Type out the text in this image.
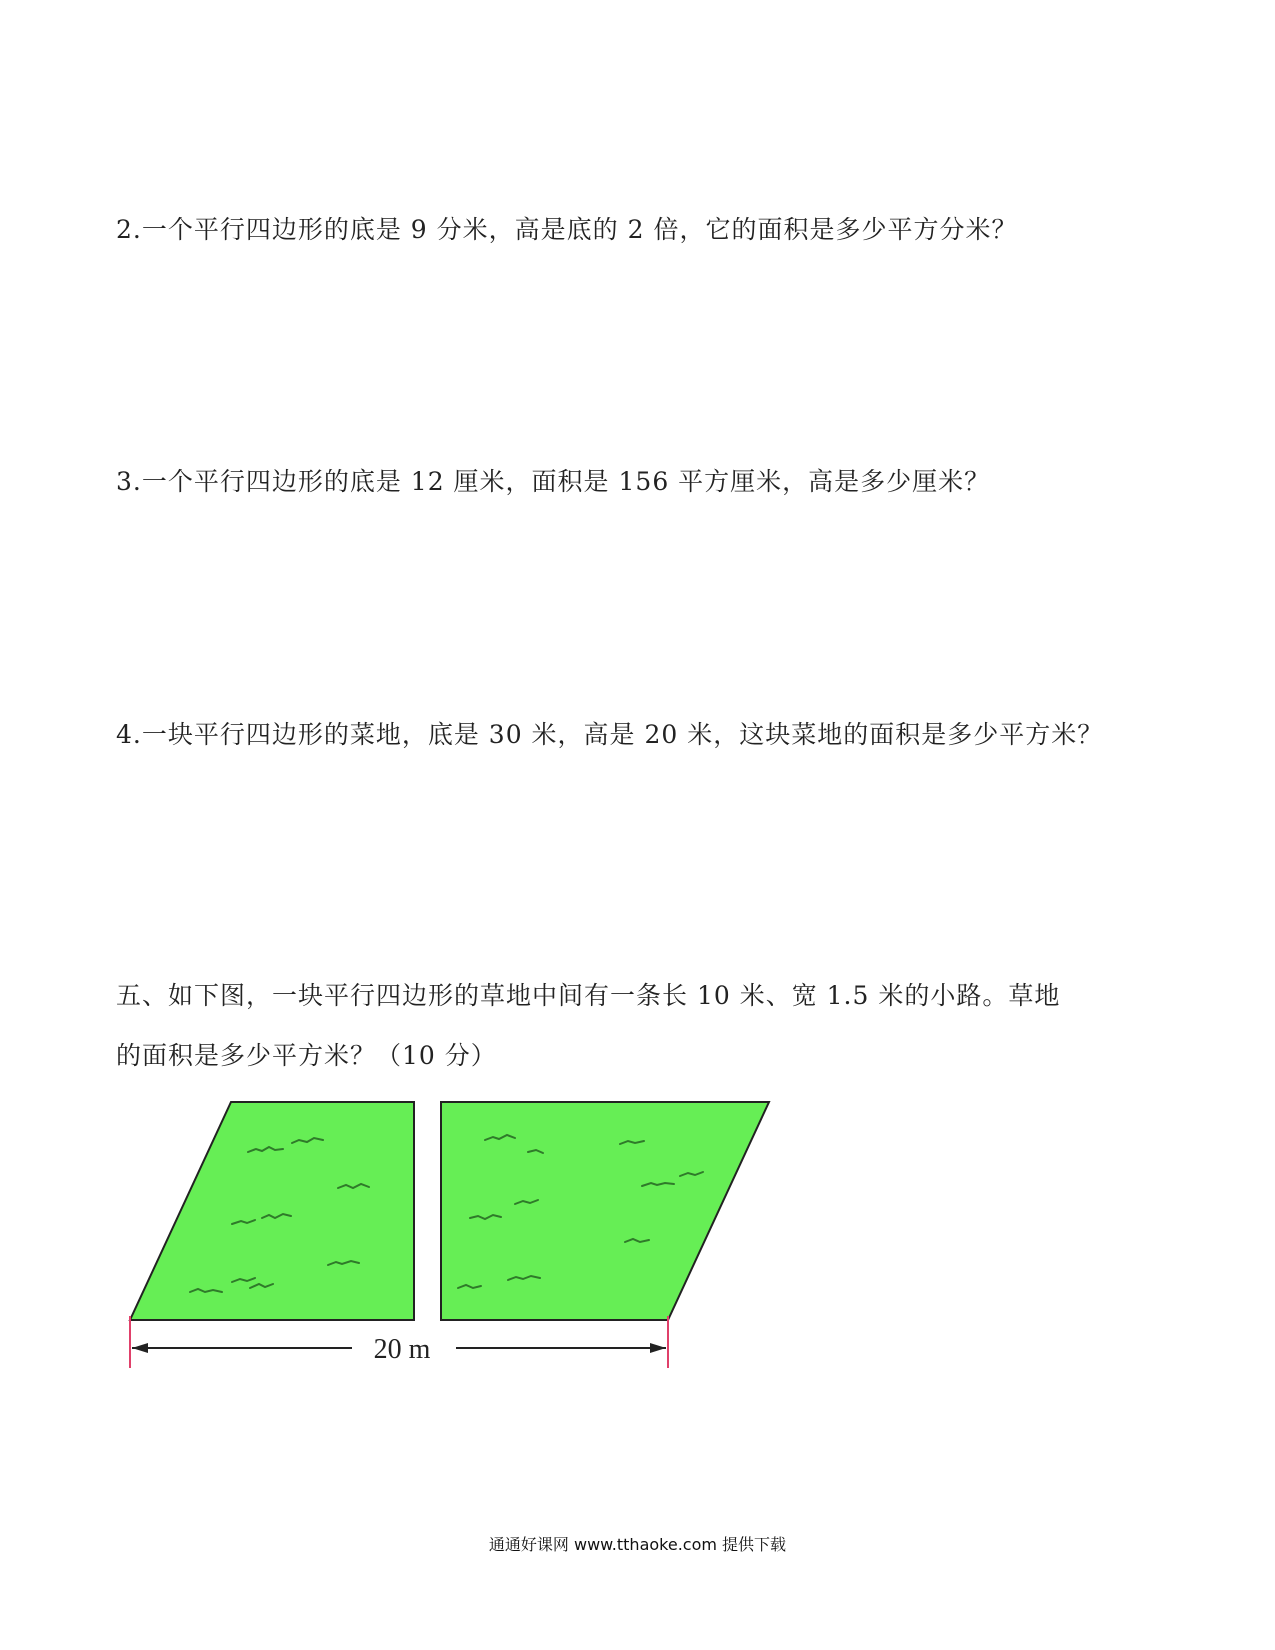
2.一个平行四边形的底是 9 分米，高是底的 2 倍，它的面积是多少平方分米？
3.一个平行四边形的底是 12 厘米，面积是 156 平方厘米，高是多少厘米？
4.一块平行四边形的菜地，底是 30 米，高是 20 米，这块菜地的面积是多少平方米？
五、如下图，一块平行四边形的草地中间有一条长 10 米、宽 1.5 米的小路。草地
的面积是多少平方米？（10 分）
20 m
通通好课网 www.tthaoke.com 提供下载
